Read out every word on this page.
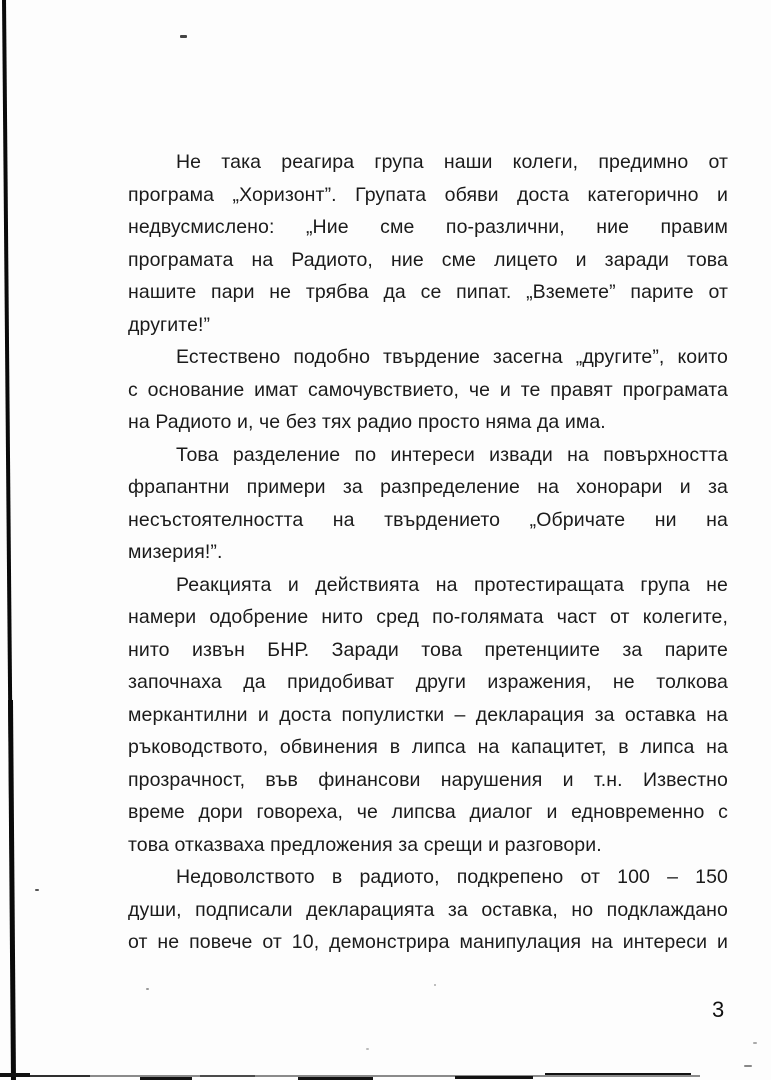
Не така реагира група наши колеги, предимно от
програма „Хоризонт”. Групата обяви доста категорично и
недвусмислено: „Ние сме по-различни, ние правим
програмата на Радиото, ние сме лицето и заради това
нашите пари не трябва да се пипат. „Вземете” парите от
другите!”
Естествено подобно твърдение засегна „другите”, които
с основание имат самочувствието, че и те правят програмата
на Радиото и, че без тях радио просто няма да има.
Това разделение по интереси извади на повърхността
фрапантни примери за разпределение на хонорари и за
несъстоятелността на твърдението „Обричате ни на
мизерия!”.
Реакцията и действията на протестиращата група не
намери одобрение нито сред по-голямата част от колегите,
нито извън БНР. Заради това претенциите за парите
започнаха да придобиват други изражения, не толкова
меркантилни и доста популистки – декларация за оставка на
ръководството, обвинения в липса на капацитет, в липса на
прозрачност, във финансови нарушения и т.н. Известно
време дори говореха, че липсва диалог и едновременно с
това отказваха предложения за срещи и разговори.
Недоволството в радиото, подкрепено от 100 – 150
души, подписали декларацията за оставка, но подклаждано
от не повече от 10, демонстрира манипулация на интереси и
3
